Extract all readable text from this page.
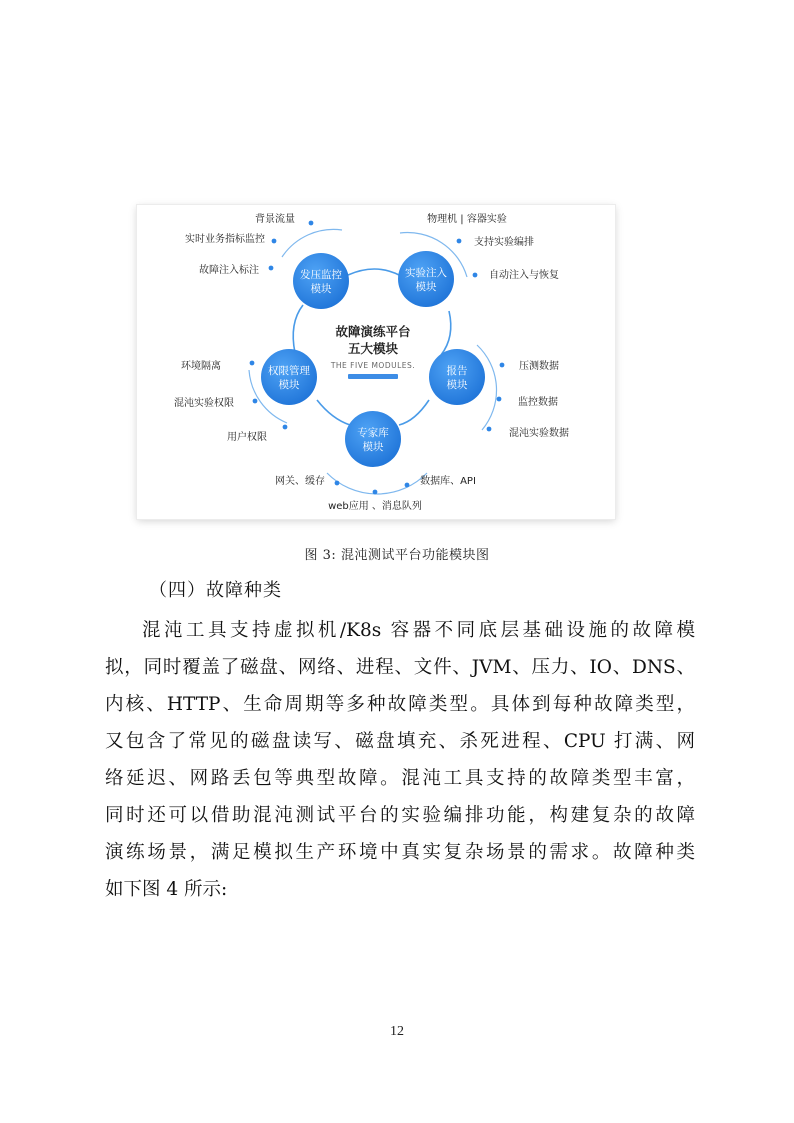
故障演练平台
五大模块
THE FIVE MODULES.
发压监控
模块
实验注入
模块
权限管理
模块
报告
模块
专家库
模块
背景流量
实时业务指标监控
故障注入标注
物理机 | 容器实验
支持实验编排
自动注入与恢复
环境隔离
混沌实验权限
用户权限
压测数据
监控数据
混沌实验数据
网关、缓存	数据库、API
web应用 、消息队列
图 3: 混沌测试平台功能模块图
（四）故障种类
混沌工具支持虚拟机/K8s 容器不同底层基础设施的故障模
拟，同时覆盖了磁盘、网络、进程、文件、JVM、压力、IO、DNS、
内核、HTTP、生命周期等多种故障类型。具体到每种故障类型，
又包含了常见的磁盘读写、磁盘填充、杀死进程、CPU 打满、网
络延迟、网路丢包等典型故障。混沌工具支持的故障类型丰富，
同时还可以借助混沌测试平台的实验编排功能，构建复杂的故障
演练场景，满足模拟生产环境中真实复杂场景的需求。故障种类
如下图 4 所示:
12
